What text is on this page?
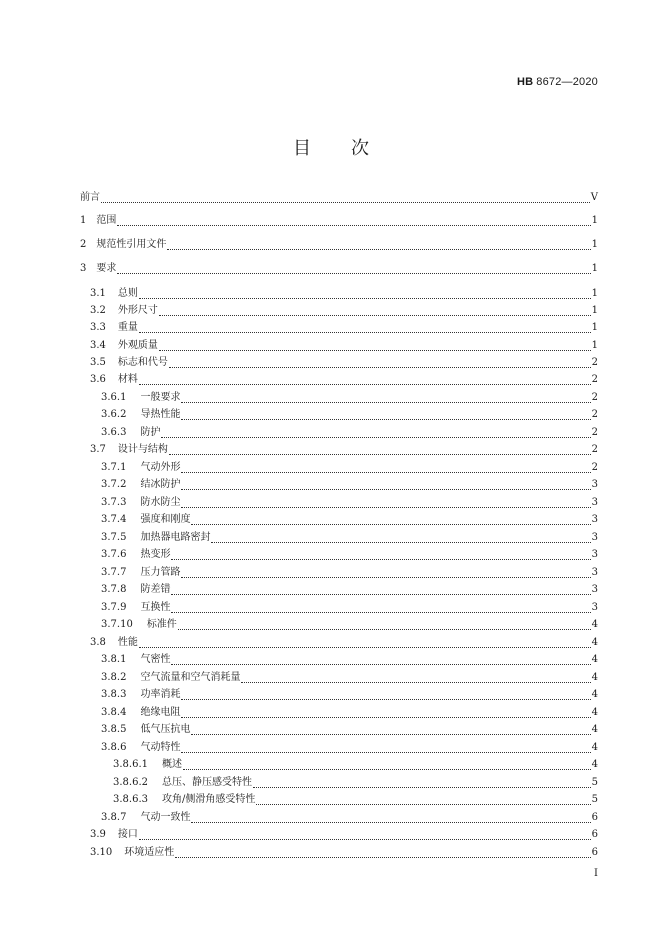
HB 8672—2020
目 次
前言	V
1 范围	1
2 规范性引用文件	1
3 要求	1
3.1 总则	1
3.2 外形尺寸	1
3.3 重量	1
3.4 外观质量	1
3.5 标志和代号	2
3.6 材料	2
3.6.1 一般要求	2
3.6.2 导热性能	2
3.6.3 防护	2
3.7 设计与结构	2
3.7.1 气动外形	2
3.7.2 结冰防护	3
3.7.3 防水防尘	3
3.7.4 强度和刚度	3
3.7.5 加热器电路密封	3
3.7.6 热变形	3
3.7.7 压力管路	3
3.7.8 防差错	3
3.7.9 互换性	3
3.7.10 标准件	4
3.8 性能	4
3.8.1 气密性	4
3.8.2 空气流量和空气消耗量	4
3.8.3 功率消耗	4
3.8.4 绝缘电阻	4
3.8.5 低气压抗电	4
3.8.6 气动特性	4
3.8.6.1 概述	4
3.8.6.2 总压、静压感受特性	5
3.8.6.3 攻角/侧滑角感受特性	5
3.8.7 气动一致性	6
3.9 接口	6
3.10 环境适应性	6
I
